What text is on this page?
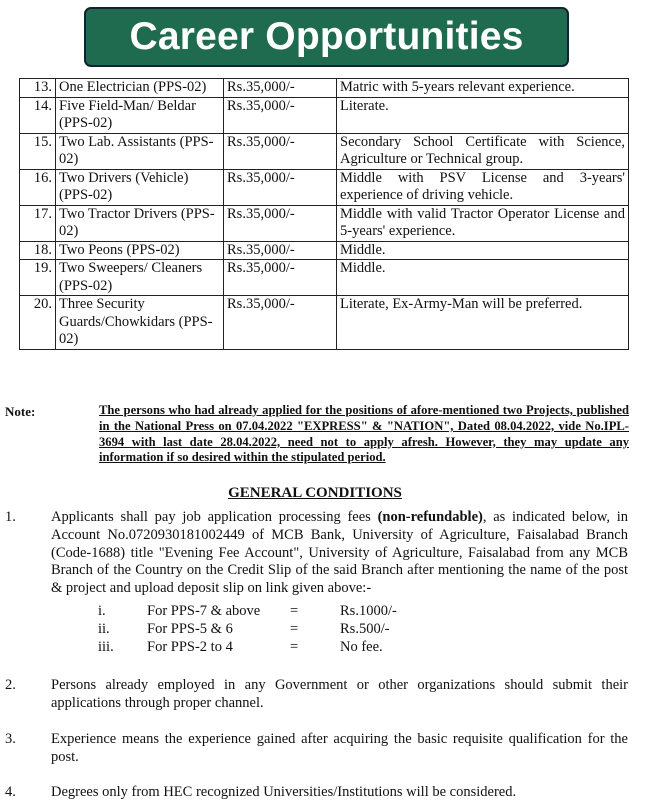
Career Opportunities
13.	One Electrician (PPS-02)	Rs.35,000/-	Matric with 5-years relevant experience.
14.	Five Field-Man/ Beldar (PPS-02)	Rs.35,000/-	Literate.
15.	Two Lab. Assistants (PPS-02)	Rs.35,000/-	Secondary School Certificate with Science, Agriculture or Technical group.
16.	Two Drivers (Vehicle) (PPS-02)	Rs.35,000/-	Middle with PSV License and 3-years' experience of driving vehicle.
17.	Two Tractor Drivers (PPS-02)	Rs.35,000/-	Middle with valid Tractor Operator License and 5-years' experience.
18.	Two Peons (PPS-02)	Rs.35,000/-	Middle.
19.	Two Sweepers/ Cleaners (PPS-02)	Rs.35,000/-	Middle.
20.	Three Security Guards/Chowkidars (PPS-02)	Rs.35,000/-	Literate, Ex-Army-Man will be preferred.
Note:	The persons who had already applied for the positions of afore-mentioned two Projects, published in the National Press on 07.04.2022 "EXPRESS" & "NATION", Dated 08.04.2022, vide No.IPL-3694 with last date 28.04.2022, need not to apply afresh. However, they may update any information if so desired within the stipulated period.
GENERAL CONDITIONS
1. Applicants shall pay job application processing fees (non-refundable), as indicated below, in Account No.0720930181002449 of MCB Bank, University of Agriculture, Faisalabad Branch (Code-1688) title "Evening Fee Account", University of Agriculture, Faisalabad from any MCB Branch of the Country on the Credit Slip of the said Branch after mentioning the name of the post & project and upload deposit slip on link given above:-
i.	For PPS-7 & above =	Rs.1000/-
ii.	For PPS-5 & 6	=	Rs.500/-
iii. For PPS-2 to 4	=	No fee.
2. Persons already employed in any Government or other organizations should submit their applications through proper channel.
3. Experience means the experience gained after acquiring the basic requisite qualification for the post.
4. Degrees only from HEC recognized Universities/Institutions will be considered.
